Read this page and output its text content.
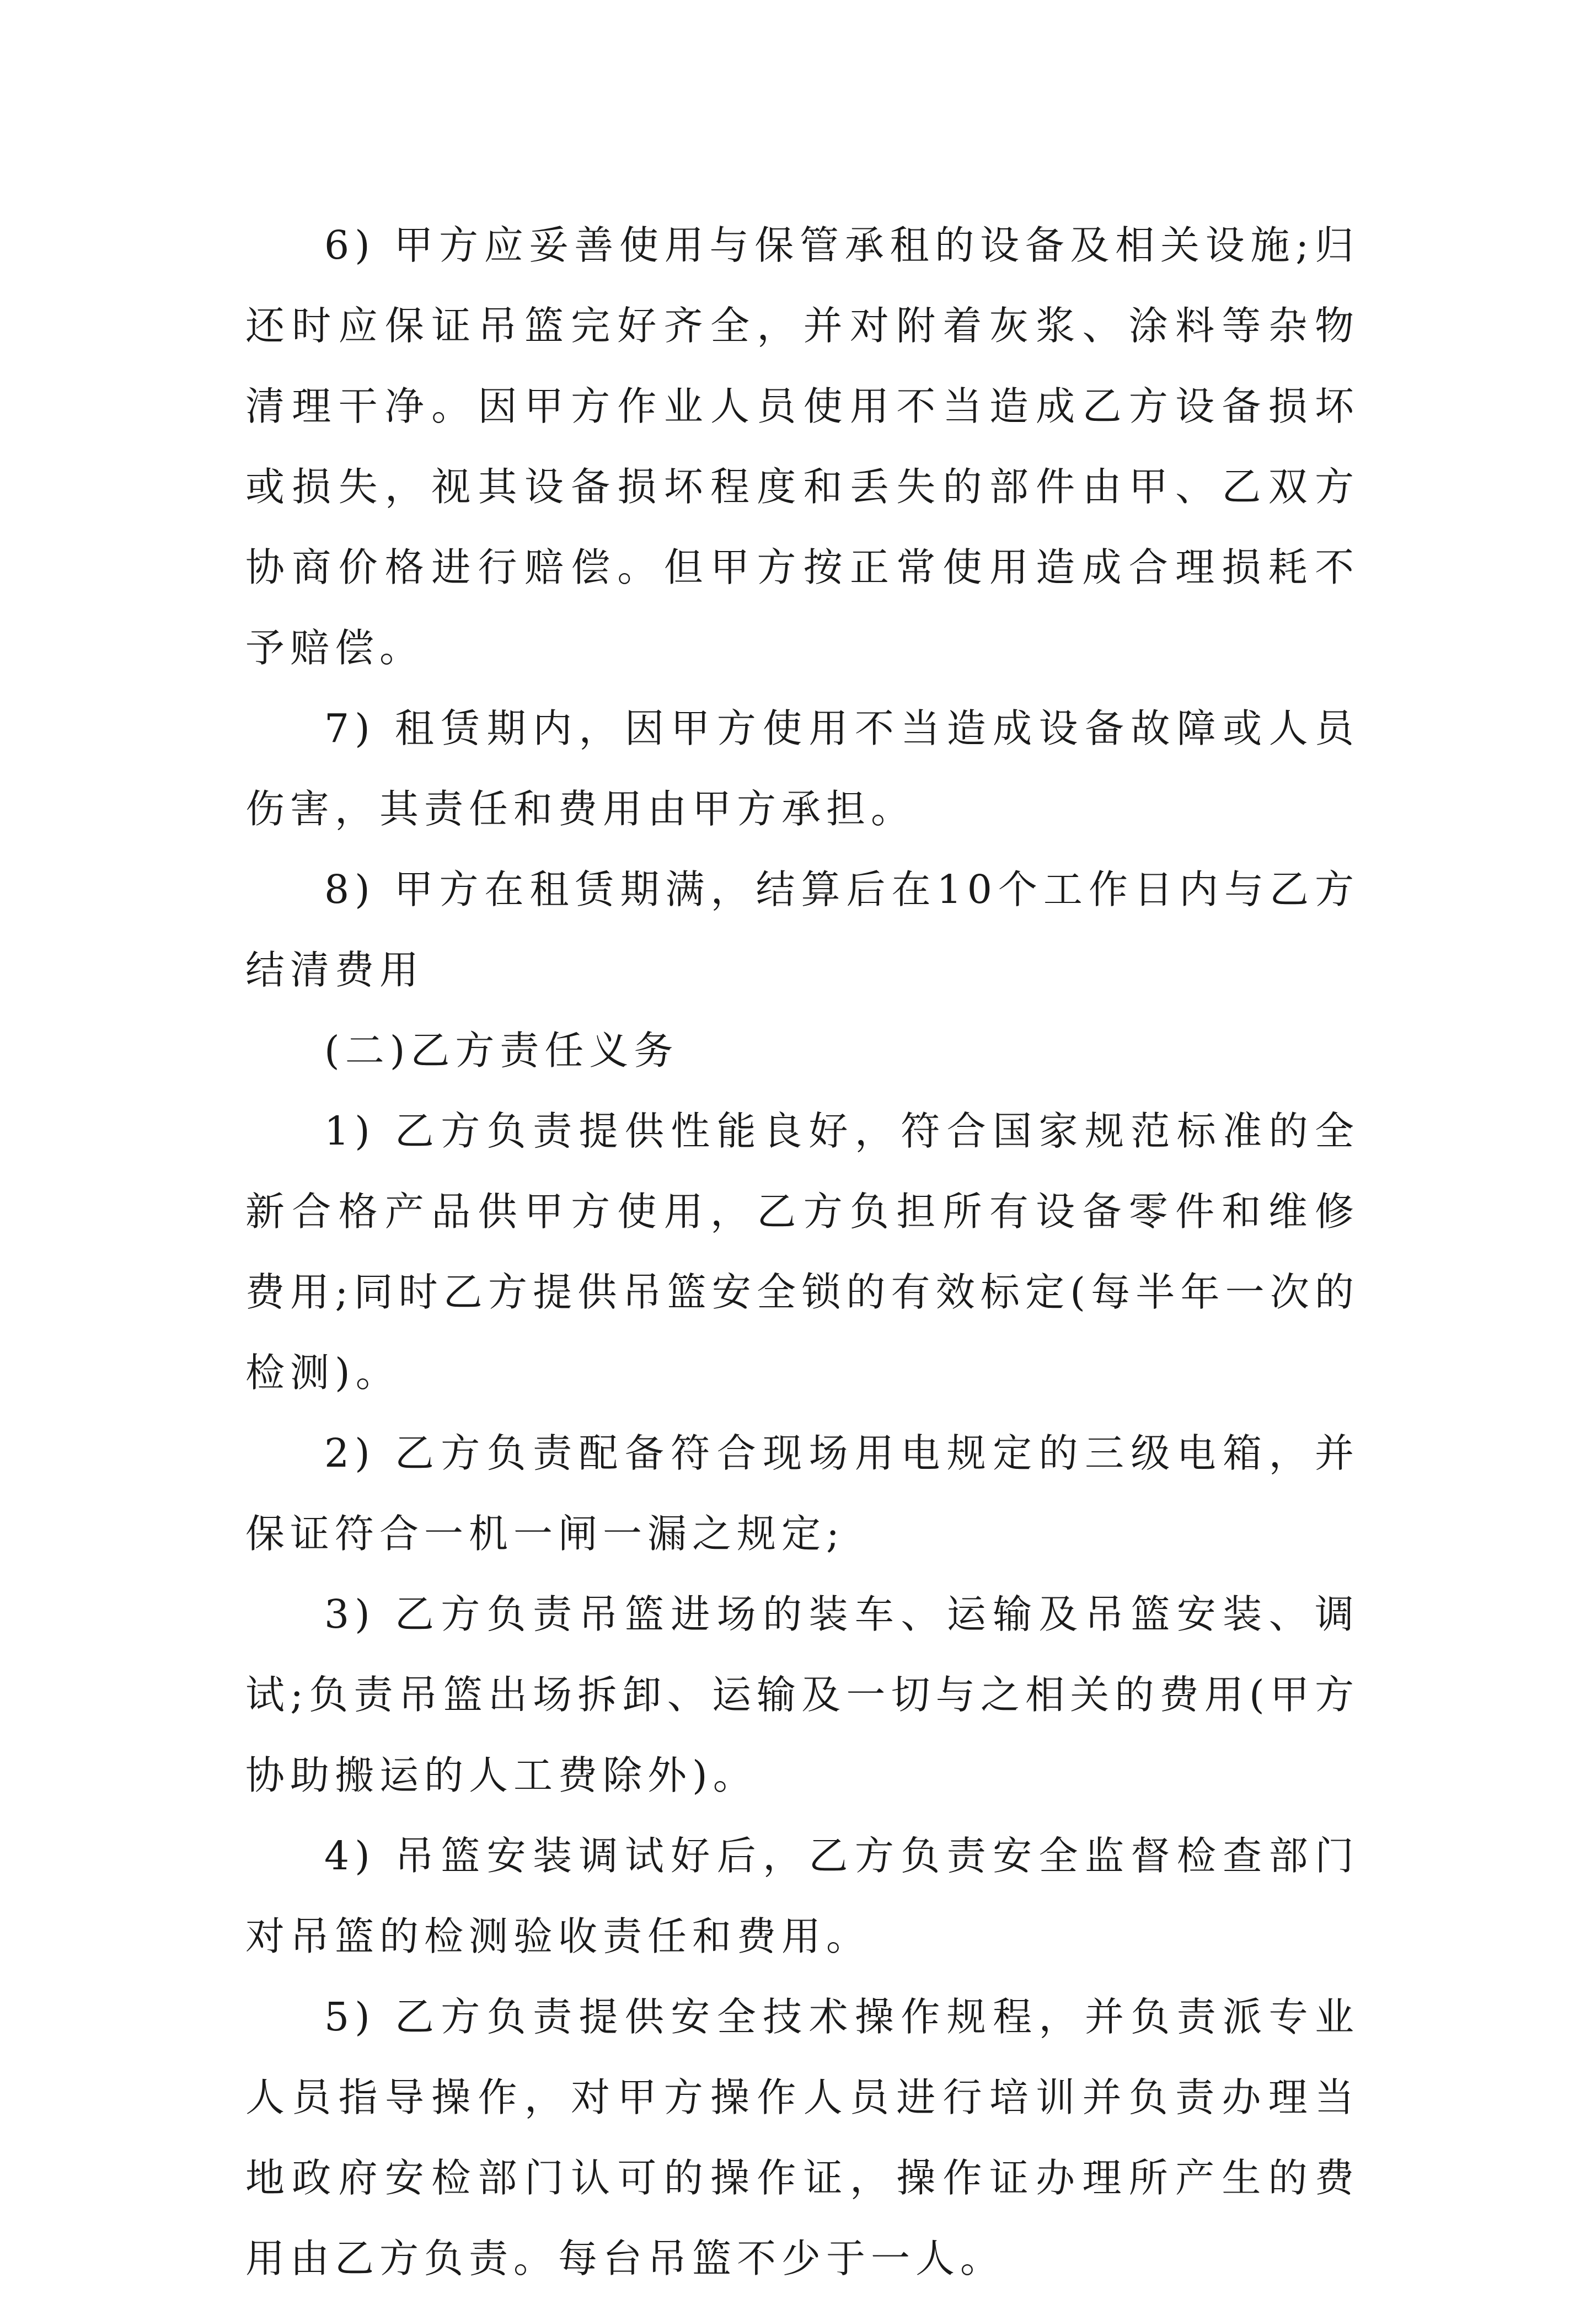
6) 甲方应妥善使用与保管承租的设备及相关设施;归还时应保证吊篮完好齐全，并对附着灰浆、涂料等杂物清理干净。因甲方作业人员使用不当造成乙方设备损坏或损失，视其设备损坏程度和丢失的部件由甲、乙双方协商价格进行赔偿。但甲方按正常使用造成合理损耗不予赔偿。

7) 租赁期内，因甲方使用不当造成设备故障或人员伤害，其责任和费用由甲方承担。

8) 甲方在租赁期满，结算后在10个工作日内与乙方结清费用

(二)乙方责任义务

1) 乙方负责提供性能良好，符合国家规范标准的全新合格产品供甲方使用，乙方负担所有设备零件和维修费用;同时乙方提供吊篮安全锁的有效标定(每半年一次的检测)。

2) 乙方负责配备符合现场用电规定的三级电箱，并保证符合一机一闸一漏之规定;

3) 乙方负责吊篮进场的装车、运输及吊篮安装、调试;负责吊篮出场拆卸、运输及一切与之相关的费用(甲方协助搬运的人工费除外)。

4) 吊篮安装调试好后，乙方负责安全监督检查部门对吊篮的检测验收责任和费用。

5) 乙方负责提供安全技术操作规程，并负责派专业人员指导操作，对甲方操作人员进行培训并负责办理当地政府安检部门认可的操作证，操作证办理所产生的费用由乙方负责。每台吊篮不少于一人。
